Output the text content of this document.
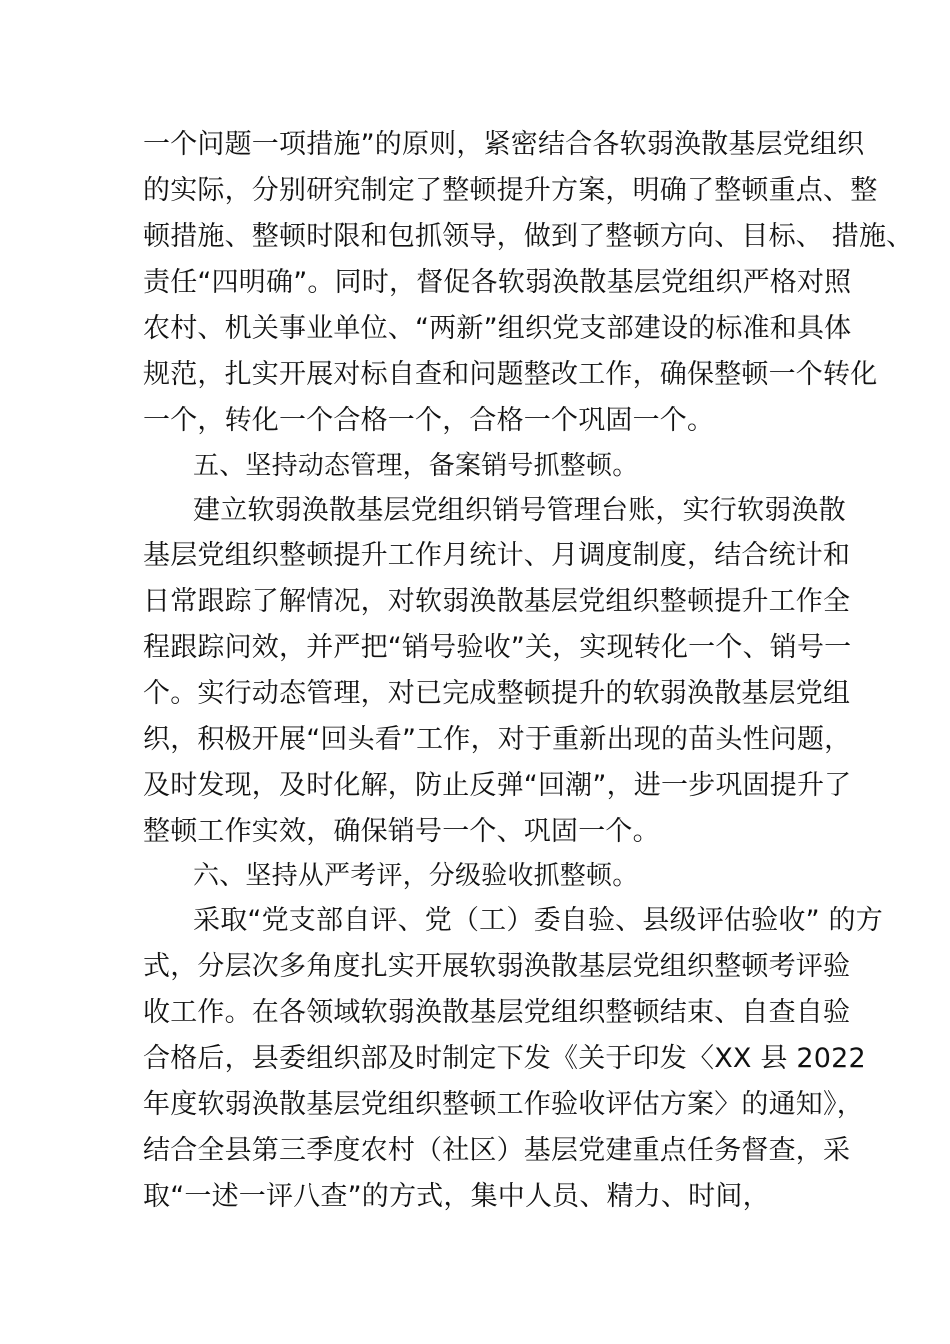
一个问题一项措施”的原则，紧密结合各软弱涣散基层党组织
的实际，分别研究制定了整顿提升方案，明确了整顿重点、整
顿措施、整顿时限和包抓领导，做到了整顿方向、目标、 措施、
责任“四明确”。同时，督促各软弱涣散基层党组织严格对照
农村、机关事业单位、“两新”组织党支部建设的标准和具体
规范，扎实开展对标自查和问题整改工作，确保整顿一个转化
一个，转化一个合格一个，合格一个巩固一个。
五、坚持动态管理，备案销号抓整顿。
建立软弱涣散基层党组织销号管理台账，实行软弱涣散
基层党组织整顿提升工作月统计、月调度制度，结合统计和
日常跟踪了解情况，对软弱涣散基层党组织整顿提升工作全
程跟踪问效，并严把“销号验收”关，实现转化一个、销号一
个。实行动态管理，对已完成整顿提升的软弱涣散基层党组
织，积极开展“回头看”工作，对于重新出现的苗头性问题，
及时发现，及时化解，防止反弹“回潮”，进一步巩固提升了
整顿工作实效，确保销号一个、巩固一个。
六、坚持从严考评，分级验收抓整顿。
采取“党支部自评、党（工）委自验、县级评估验收” 的方
式，分层次多角度扎实开展软弱涣散基层党组织整顿考评验
收工作。在各领域软弱涣散基层党组织整顿结束、自查自验
合格后，县委组织部及时制定下发《关于印发〈XX 县 2022
年度软弱涣散基层党组织整顿工作验收评估方案〉的通知》，
结合全县第三季度农村（社区）基层党建重点任务督查，采
取“一述一评八查”的方式，集中人员、精力、时间，
